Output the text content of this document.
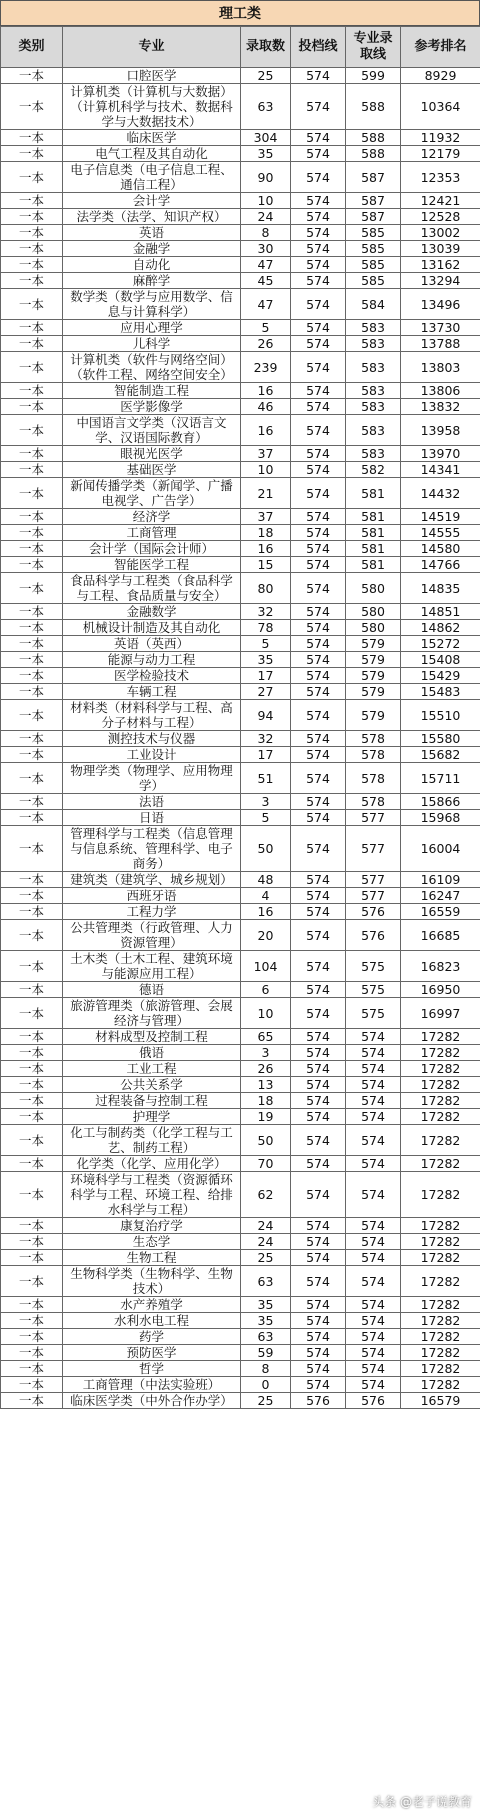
理工类
类别	专业	录取数	投档线	专业录取线	参考排名
一本	口腔医学	25	574	599	8929
一本	计算机类（计算机与大数据）（计算机科学与技术、数据科学与大数据技术）	63	574	588	10364
一本	临床医学	304	574	588	11932
一本	电气工程及其自动化	35	574	588	12179
一本	电子信息类（电子信息工程、通信工程）	90	574	587	12353
一本	会计学	10	574	587	12421
一本	法学类（法学、知识产权）	24	574	587	12528
一本	英语	8	574	585	13002
一本	金融学	30	574	585	13039
一本	自动化	47	574	585	13162
一本	麻醉学	45	574	585	13294
一本	数学类（数学与应用数学、信息与计算科学）	47	574	584	13496
一本	应用心理学	5	574	583	13730
一本	儿科学	26	574	583	13788
一本	计算机类（软件与网络空间）（软件工程、网络空间安全）	239	574	583	13803
一本	智能制造工程	16	574	583	13806
一本	医学影像学	46	574	583	13832
一本	中国语言文学类（汉语言文学、汉语国际教育）	16	574	583	13958
一本	眼视光医学	37	574	583	13970
一本	基础医学	10	574	582	14341
一本	新闻传播学类（新闻学、广播电视学、广告学）	21	574	581	14432
一本	经济学	37	574	581	14519
一本	工商管理	18	574	581	14555
一本	会计学（国际会计师）	16	574	581	14580
一本	智能医学工程	15	574	581	14766
一本	食品科学与工程类（食品科学与工程、食品质量与安全）	80	574	580	14835
一本	金融数学	32	574	580	14851
一本	机械设计制造及其自动化	78	574	580	14862
一本	英语（英西）	5	574	579	15272
一本	能源与动力工程	35	574	579	15408
一本	医学检验技术	17	574	579	15429
一本	车辆工程	27	574	579	15483
一本	材料类（材料科学与工程、高分子材料与工程）	94	574	579	15510
一本	测控技术与仪器	32	574	578	15580
一本	工业设计	17	574	578	15682
一本	物理学类（物理学、应用物理学）	51	574	578	15711
一本	法语	3	574	578	15866
一本	日语	5	574	577	15968
一本	管理科学与工程类（信息管理与信息系统、管理科学、电子商务）	50	574	577	16004
一本	建筑类（建筑学、城乡规划）	48	574	577	16109
一本	西班牙语	4	574	577	16247
一本	工程力学	16	574	576	16559
一本	公共管理类（行政管理、人力资源管理）	20	574	576	16685
一本	土木类（土木工程、建筑环境与能源应用工程）	104	574	575	16823
一本	德语	6	574	575	16950
一本	旅游管理类（旅游管理、会展经济与管理）	10	574	575	16997
一本	材料成型及控制工程	65	574	574	17282
一本	俄语	3	574	574	17282
一本	工业工程	26	574	574	17282
一本	公共关系学	13	574	574	17282
一本	过程装备与控制工程	18	574	574	17282
一本	护理学	19	574	574	17282
一本	化工与制药类（化学工程与工艺、制药工程）	50	574	574	17282
一本	化学类（化学、应用化学）	70	574	574	17282
一本	环境科学与工程类（资源循环科学与工程、环境工程、给排水科学与工程）	62	574	574	17282
一本	康复治疗学	24	574	574	17282
一本	生态学	24	574	574	17282
一本	生物工程	25	574	574	17282
一本	生物科学类（生物科学、生物技术）	63	574	574	17282
一本	水产养殖学	35	574	574	17282
一本	水利水电工程	35	574	574	17282
一本	药学	63	574	574	17282
一本	预防医学	59	574	574	17282
一本	哲学	8	574	574	17282
一本	工商管理（中法实验班）	0	574	574	17282
一本	临床医学类（中外合作办学）	25	576	576	16579
头条 @老子说教育
